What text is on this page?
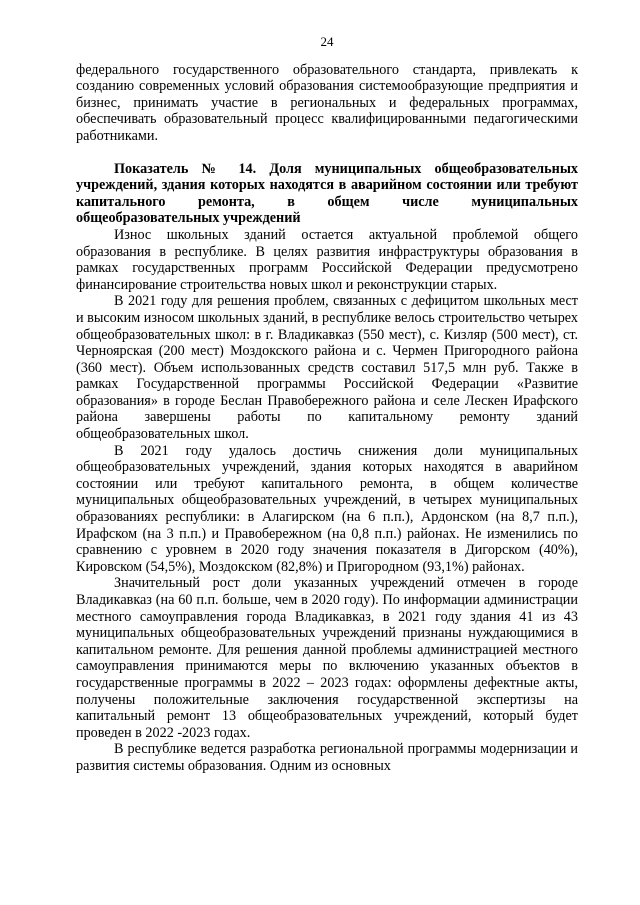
24

федерального государственного образовательного стандарта, привлекать к созданию современных условий образования системообразующие предприятия и бизнес, принимать участие в региональных и федеральных программах, обеспечивать образовательный процесс квалифицированными педагогическими работниками.

Показатель № 14. Доля муниципальных общеобразовательных учреждений, здания которых находятся в аварийном состоянии или требуют капитального ремонта, в общем числе муниципальных общеобразовательных учреждений

Износ школьных зданий остается актуальной проблемой общего образования в республике. В целях развития инфраструктуры образования в рамках государственных программ Российской Федерации предусмотрено финансирование строительства новых школ и реконструкции старых.

В 2021 году для решения проблем, связанных с дефицитом школьных мест и высоким износом школьных зданий, в республике велось строительство четырех общеобразовательных школ: в г. Владикавказ (550 мест), с. Кизляр (500 мест), ст. Черноярская (200 мест) Моздокского района и с. Чермен Пригородного района (360 мест). Объем использованных средств составил 517,5 млн руб. Также в рамках Государственной программы Российской Федерации «Развитие образования» в городе Беслан Правобережного района и селе Лескен Ирафского района завершены работы по капитальному ремонту зданий общеобразовательных школ.

В 2021 году удалось достичь снижения доли муниципальных общеобразовательных учреждений, здания которых находятся в аварийном состоянии или требуют капитального ремонта, в общем количестве муниципальных общеобразовательных учреждений, в четырех муниципальных образованиях республики: в Алагирском (на 6 п.п.), Ардонском (на 8,7 п.п.), Ирафском (на 3 п.п.) и Правобережном (на 0,8 п.п.) районах. Не изменились по сравнению с уровнем в 2020 году значения показателя в Дигорском (40%), Кировском (54,5%), Моздокском (82,8%) и Пригородном (93,1%) районах.

Значительный рост доли указанных учреждений отмечен в городе Владикавказ (на 60 п.п. больше, чем в 2020 году). По информации администрации местного самоуправления города Владикавказ, в 2021 году здания 41 из 43 муниципальных общеобразовательных учреждений признаны нуждающимися в капитальном ремонте. Для решения данной проблемы администрацией местного самоуправления принимаются меры по включению указанных объектов в государственные программы в 2022 – 2023 годах: оформлены дефектные акты, получены положительные заключения государственной экспертизы на капитальный ремонт 13 общеобразовательных учреждений, который будет проведен в 2022 -2023 годах.

В республике ведется разработка региональной программы модернизации и развития системы образования. Одним из основных
